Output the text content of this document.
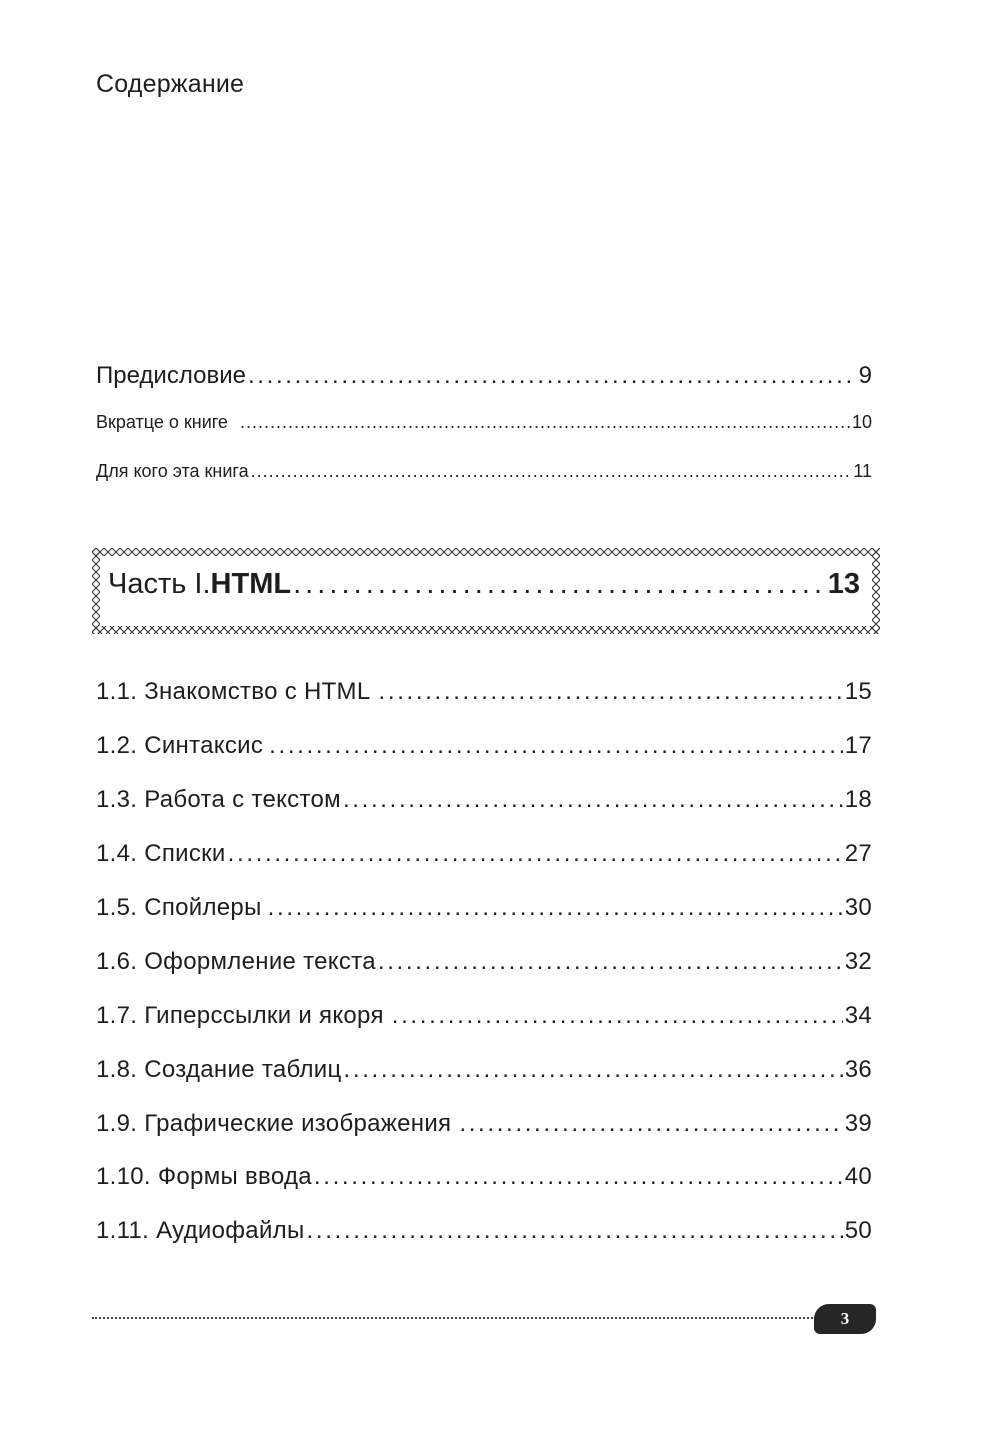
Содержание
Предисловие . . .	9
Вкратце о книге . . .	10
Для кого эта книга . . .	11
Часть I. HTML . . .	13
1.1. Знакомство с HTML . . .	15
1.2. Синтаксис . . .	17
1.3. Работа с текстом . . .	18
1.4. Списки . . .	27
1.5. Спойлеры . . .	30
1.6. Оформление текста . . .	32
1.7. Гиперссылки и якоря . . .	34
1.8. Создание таблиц . . .	36
1.9. Графические изображения . . .	39
1.10. Формы ввода . . .	40
1.11. Аудиофайлы . . .	50
3
